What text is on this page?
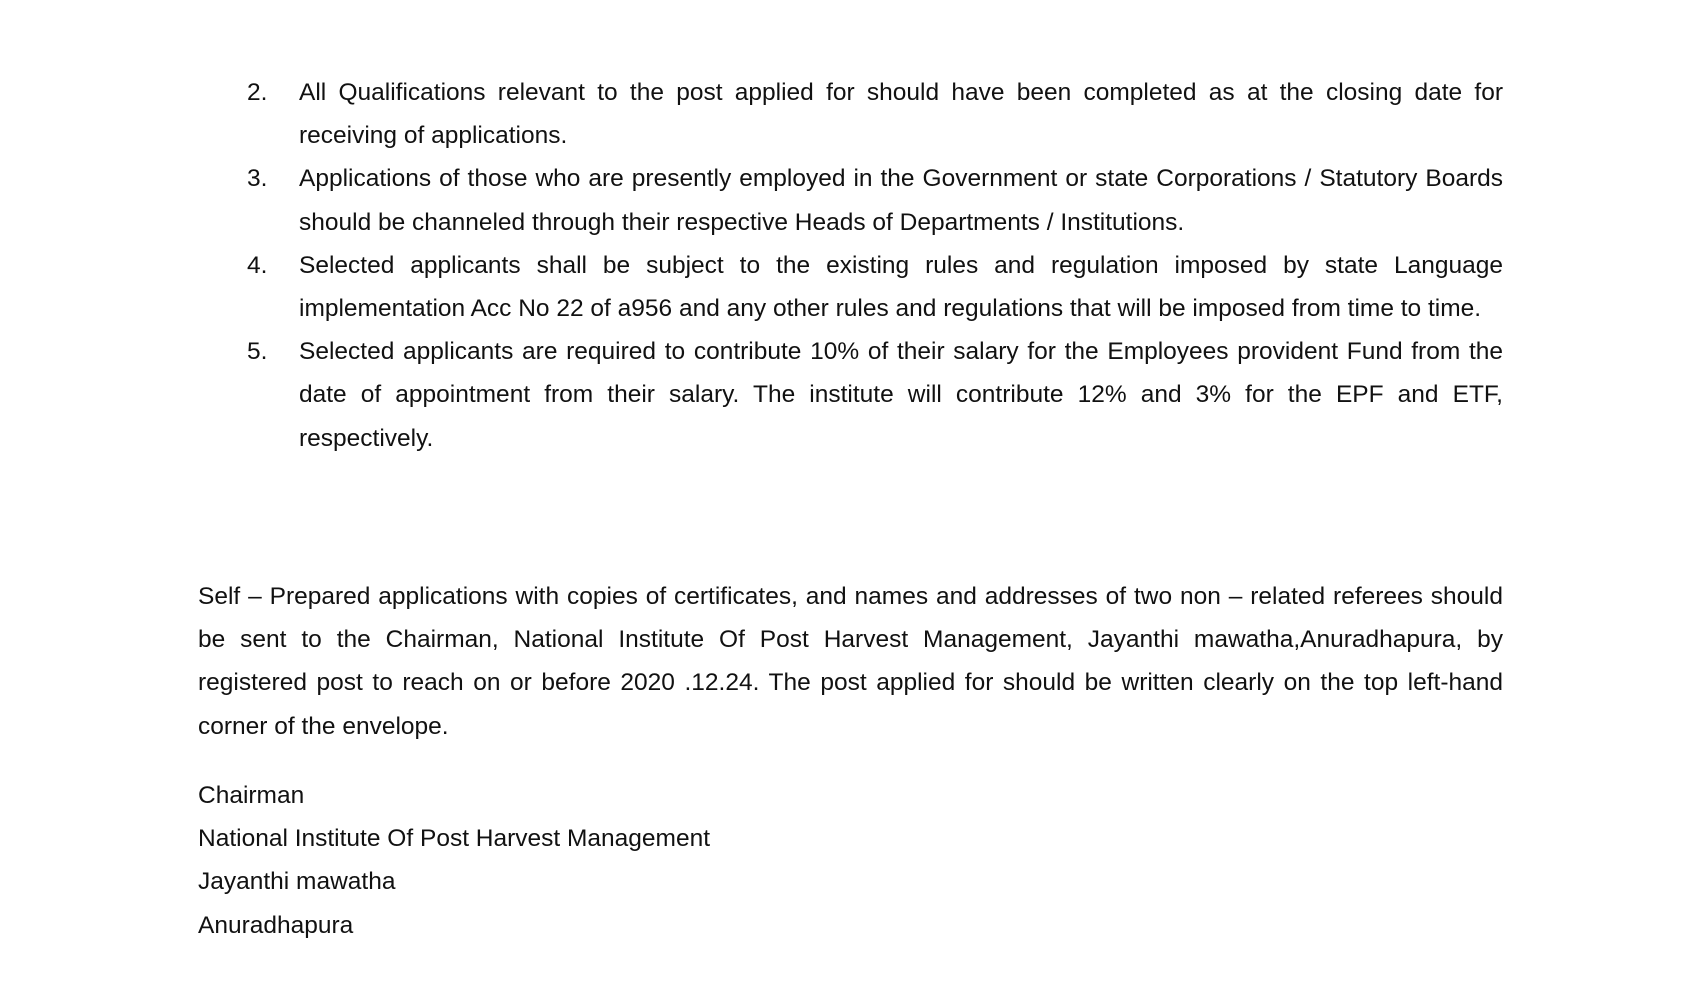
2.	All Qualifications relevant to the post applied for should have been completed as at the closing date for receiving of applications.
3.	Applications of those who are presently employed in the Government or state Corporations / Statutory Boards should be channeled through their respective Heads of Departments / Institutions.
4.	Selected applicants shall be subject to the existing rules and regulation imposed by state Language implementation Acc No 22 of a956 and any other rules and regulations that will be imposed from time to time.
5.	Selected applicants are required to contribute 10% of their salary for the Employees provident Fund from the date of appointment from their salary. The institute will contribute 12% and 3% for the EPF and ETF, respectively.

Self – Prepared applications with copies of certificates, and names and addresses of two non – related referees should be sent to the Chairman, National Institute Of Post Harvest Management, Jayanthi mawatha,Anuradhapura, by registered post to reach on or before 2020 .12.24. The post applied for should be written clearly on the top left-hand corner of the envelope.

Chairman
National Institute Of Post Harvest Management
Jayanthi mawatha
Anuradhapura
